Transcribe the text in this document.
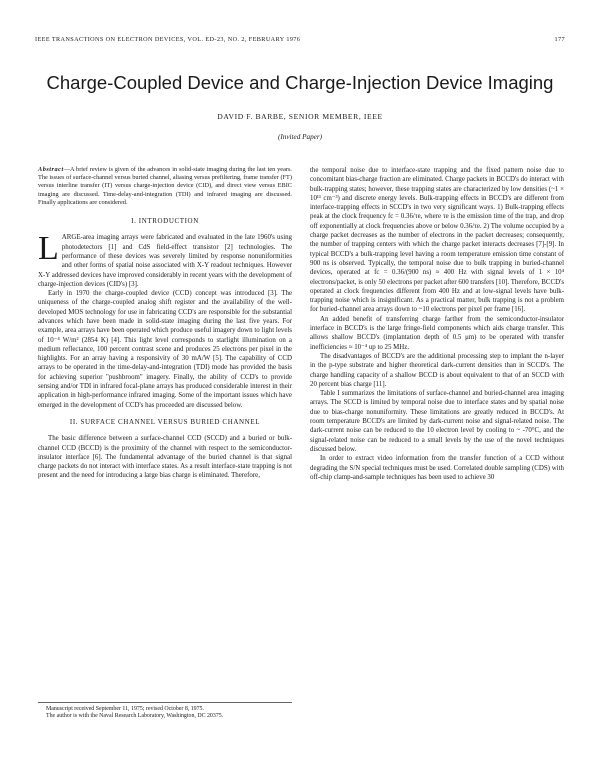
IEEE TRANSACTIONS ON ELECTRON DEVICES, VOL. ED-23, NO. 2, FEBRUARY 1976	177
Charge-Coupled Device and Charge-Injection Device Imaging
DAVID F. BARBE, SENIOR MEMBER, IEEE
(Invited Paper)
Abstract—A brief review is given of the advances in solid-state imaging during the last ten years. The issues of surface-channel versus buried channel, aliasing versus prefiltering, frame transfer (FT) versus interline transfer (IT) versus charge-injection device (CID), and direct view versus EBIC imaging are discussed. Time-delay-and-integration (TDI) and infrared imaging are discussed. Finally applications are considered.
I. INTRODUCTION

LARGE-area imaging arrays were fabricated and evaluated in the late 1960's using photodetectors [1] and CdS field-effect transistor [2] technologies. The performance of these devices was severely limited by response nonuniformities and other forms of spatial noise associated with X-Y readout techniques. However X-Y addressed devices have improved considerably in recent years with the development of charge-injection devices (CID's) [3].

Early in 1970 the charge-coupled device (CCD) concept was introduced [3]. The uniqueness of the charge-coupled analog shift register and the availability of the well-developed MOS technology for use in fabricating CCD's are responsible for the substantial advances which have been made in solid-state imaging during the last five years. For example, area arrays have been operated which produce useful imagery down to light levels of 10⁻⁴ W/m² (2854 K) [4]. This light level corresponds to starlight illumination on a medium reflectance, 100 percent contrast scene and produces 25 electrons per pixel in the highlights. For an array having a responsivity of 30 mA/W [5]. The capability of CCD arrays to be operated in the time-delay-and-integration (TDI) mode has provided the basis for achieving superior "pushbroom" imagery. Finally, the ability of CCD's to provide sensing and/or TDI in infrared focal-plane arrays has produced considerable interest in their application in high-performance infrared imaging. Some of the important issues which have emerged in the development of CCD's has proceeded are discussed below.

II. SURFACE CHANNEL VERSUS BURIED CHANNEL

The basic difference between a surface-channel CCD (SCCD) and a buried or bulk-channel CCD (BCCD) is the proximity of the channel with respect to the semiconductor-insulator interface [6]. The fundamental advantage of the buried channel is that signal charge packets do not interact with interface states. As a result interface-state trapping is not present and the need for introducing a large bias charge is eliminated. Therefore,

Manuscript received September 11, 1975; revised October 8, 1975.

The author is with the Naval Research Laboratory, Washington, DC 20375.

the temporal noise due to interface-state trapping and the fixed pattern noise due to concomitant bias-charge fraction are eliminated. Charge packets in BCCD's do interact with bulk-trapping states; however, these trapping states are characterized by low densities (~1 × 10¹¹ cm⁻³) and discrete energy levels. Bulk-trapping effects in BCCD's are different from interface-trapping effects in SCCD's in two very significant ways. 1) Bulk-trapping effects peak at the clock frequency fc = 0.36/τe, where τe is the emission time of the trap, and drop off exponentially at clock frequencies above or below 0.36/τe. 2) The volume occupied by a charge packet decreases as the number of electrons in the packet decreases; consequently, the number of trapping centers with which the charge packet interacts decreases [7]-[9]. In typical BCCD's a bulk-trapping level having a room temperature emission time constant of 900 ns is observed. Typically, the temporal noise due to bulk trapping in buried-channel devices, operated at fc = 0.36/(900 ns) ≈ 400 Hz with signal levels of 1 × 10⁴ electrons/packet, is only 50 electrons per packet after 600 transfers [10]. Therefore, BCCD's operated at clock frequencies different from 400 Hz and at low-signal levels have bulk-trapping noise which is insignificant. As a practical matter, bulk trapping is not a problem for buried-channel area arrays down to ~10 electrons per pixel per frame [16].

An added benefit of transferring charge farther from the semiconductor-insulator interface in BCCD's is the large fringe-field components which aids charge transfer. This allows shallow BCCD's (implantation depth of 0.5 μm) to be operated with transfer inefficiencies ≈ 10⁻⁴ up to 25 MHz.

The disadvantages of BCCD's are the additional processing step to implant the n-layer in the p-type substrate and higher theoretical dark-current densities than in SCCD's. The charge handling capacity of a shallow BCCD is about equivalent to that of an SCCD with 20 percent bias charge [11].

Table I summarizes the limitations of surface-channel and buried-channel area imaging arrays. The SCCD is limited by temporal noise due to interface states and by spatial noise due to bias-charge nonuniformity. These limitations are greatly reduced in BCCD's. At room temperature BCCD's are limited by dark-current noise and signal-related noise. The dark-current noise can be reduced to the 10 electron level by cooling to ~ -70°C, and the signal-related noise can be reduced to a small levels by the use of the novel techniques discussed below.

In order to extract video information from the transfer function of a CCD without degrading the S/N special techniques must be used. Correlated double sampling (CDS) with off-chip clamp-and-sample techniques has been used to achieve 30
